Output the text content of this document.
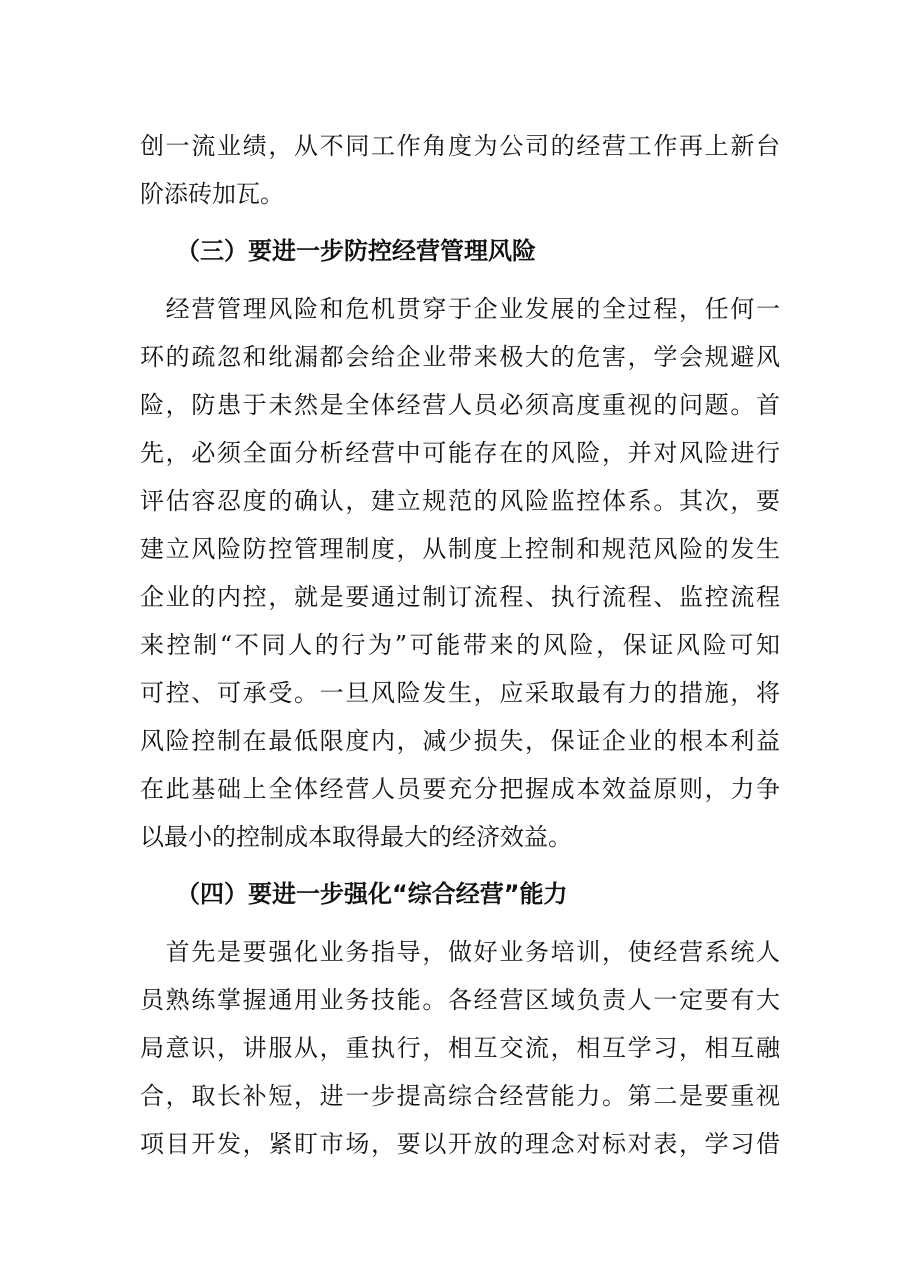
创一流业绩，从不同工作角度为公司的经营工作再上新台
阶添砖加瓦。
（三）要进一步防控经营管理风险
　经营管理风险和危机贯穿于企业发展的全过程，任何一
环的疏忽和纰漏都会给企业带来极大的危害，学会规避风
险，防患于未然是全体经营人员必须高度重视的问题。首
先，必须全面分析经营中可能存在的风险，并对风险进行
评估容忍度的确认，建立规范的风险监控体系。其次，要
建立风险防控管理制度，从制度上控制和规范风险的发生
企业的内控，就是要通过制订流程、执行流程、监控流程
来控制“不同人的行为”可能带来的风险，保证风险可知
可控、可承受。一旦风险发生，应采取最有力的措施，将
风险控制在最低限度内，减少损失，保证企业的根本利益
在此基础上全体经营人员要充分把握成本效益原则，力争
以最小的控制成本取得最大的经济效益。
（四）要进一步强化“综合经营”能力
　首先是要强化业务指导，做好业务培训，使经营系统人
员熟练掌握通用业务技能。各经营区域负责人一定要有大
局意识，讲服从，重执行，相互交流，相互学习，相互融
合，取长补短，进一步提高综合经营能力。第二是要重视
项目开发，紧盯市场，要以开放的理念对标对表，学习借
